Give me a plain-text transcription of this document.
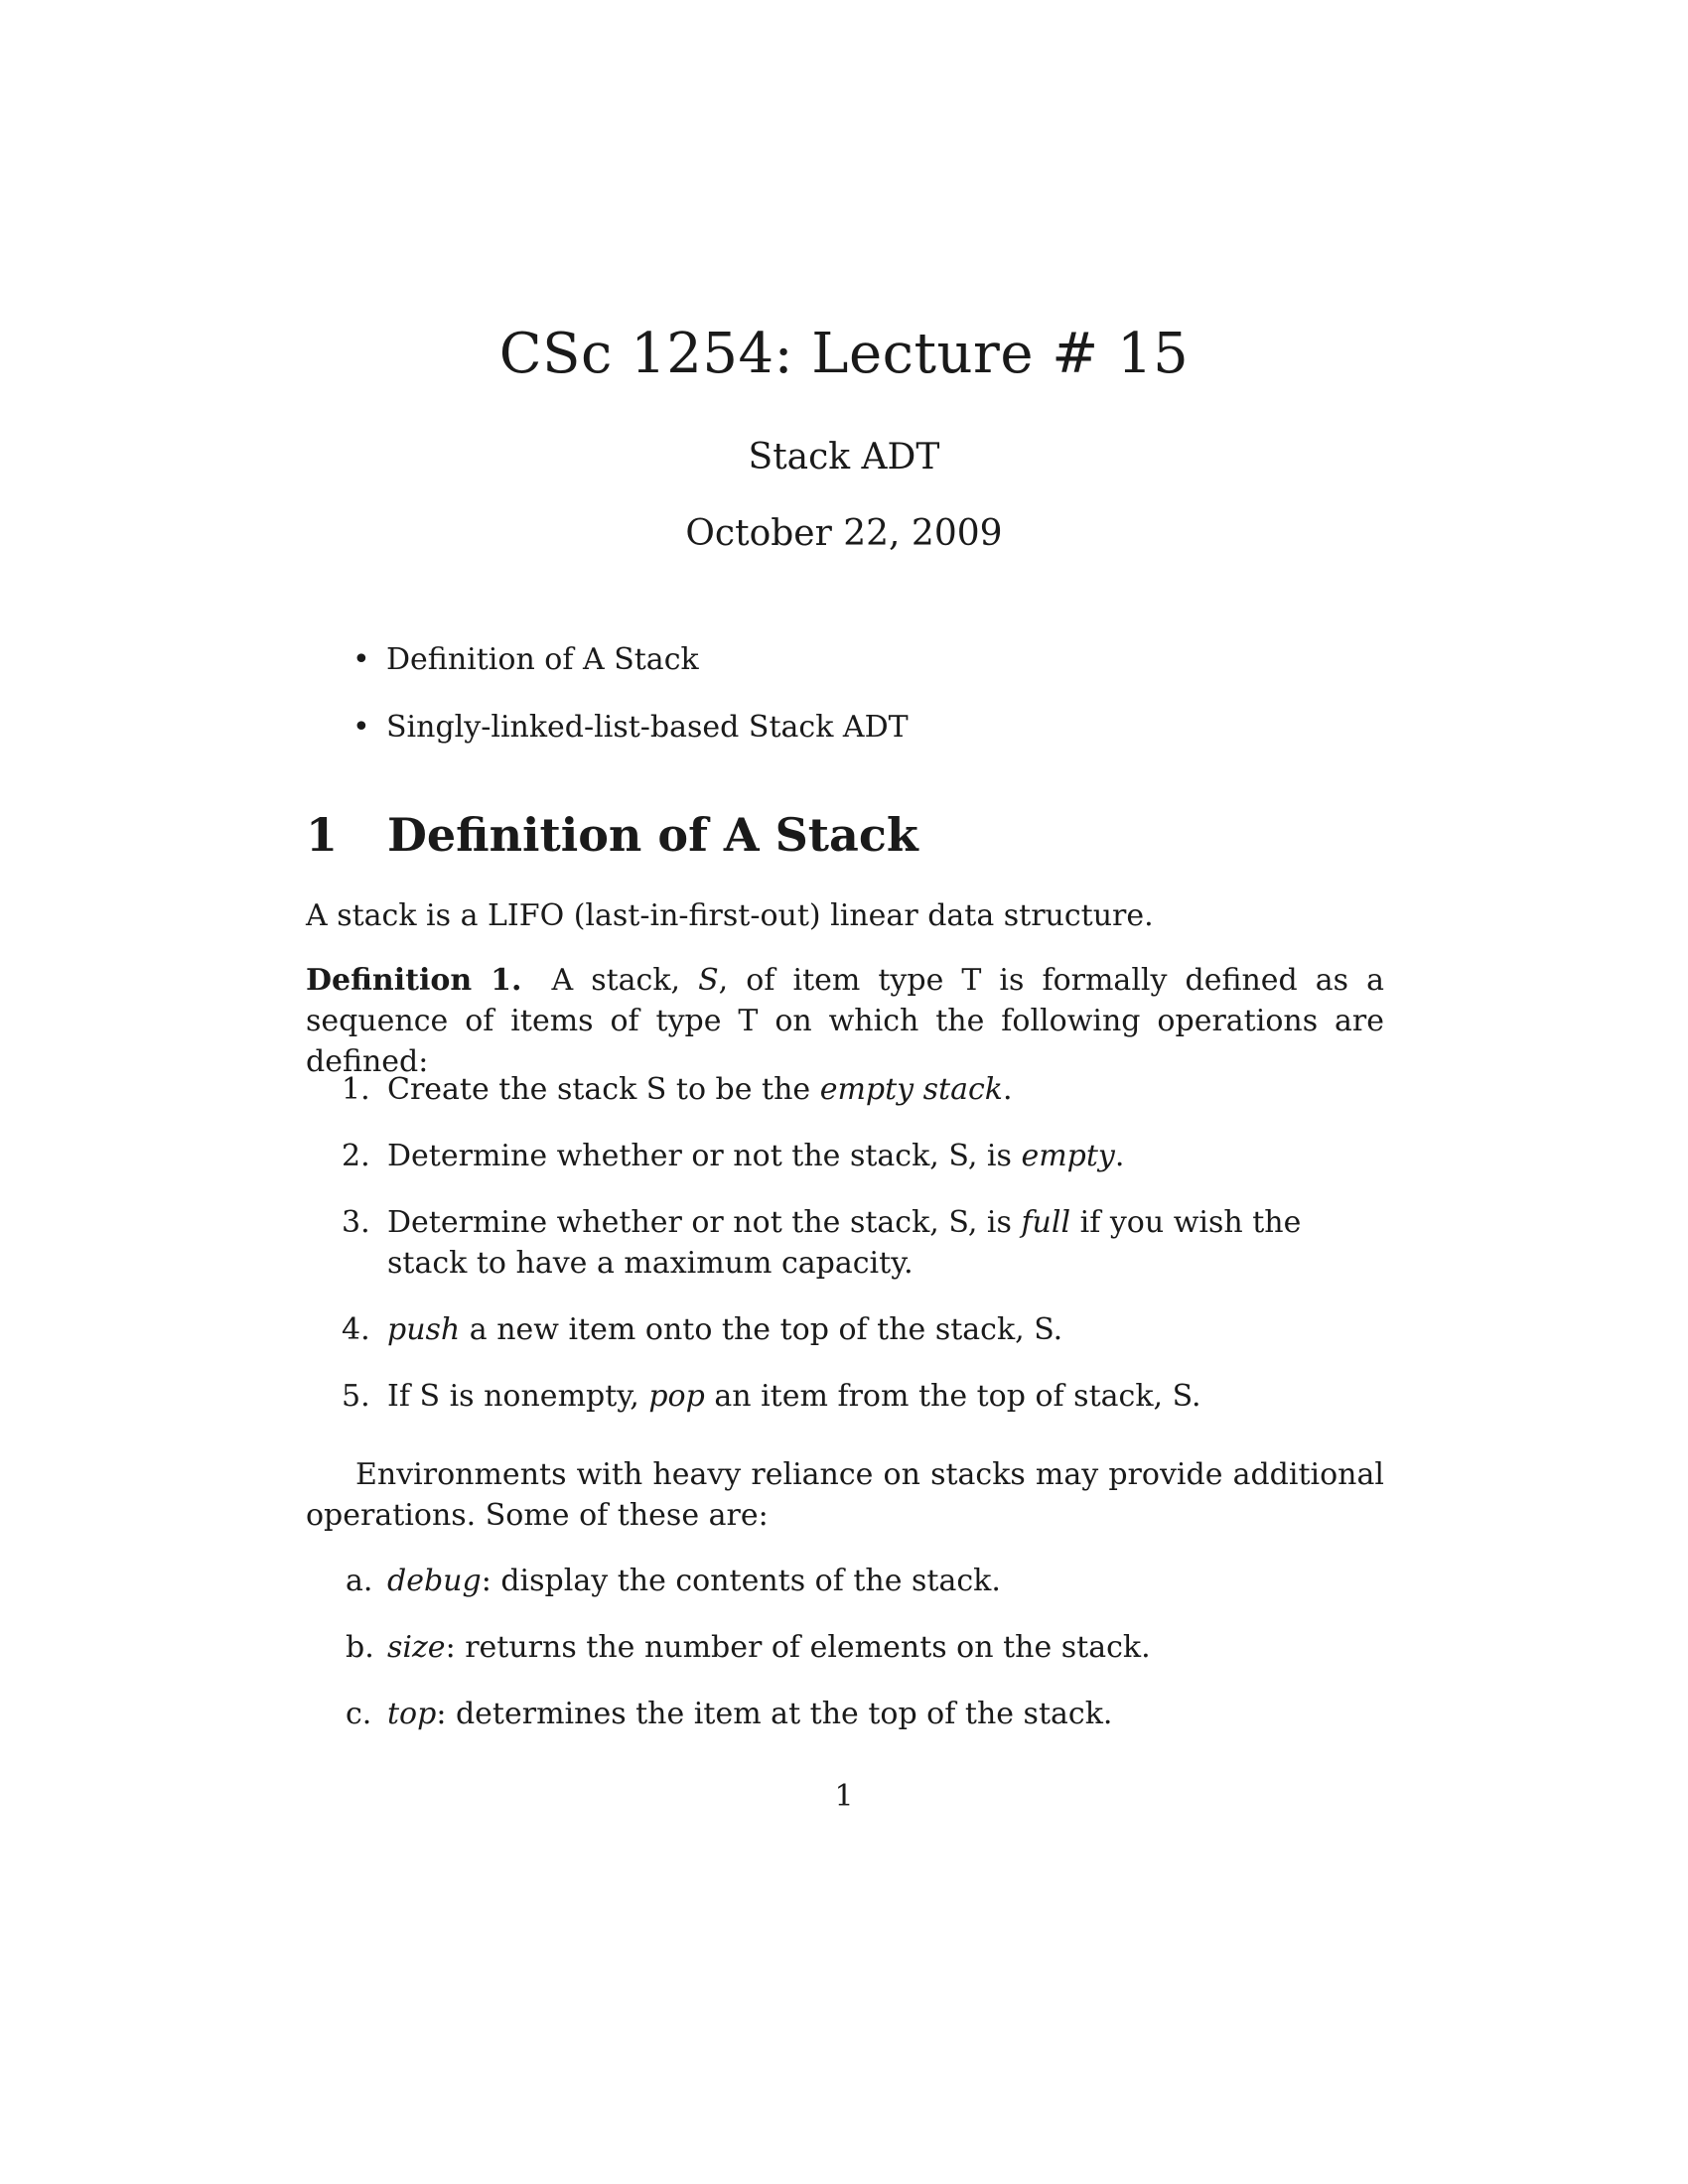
CSc 1254: Lecture # 15
Stack ADT
October 22, 2009
• Definition of A Stack
• Singly-linked-list-based Stack ADT
1 Definition of A Stack

A stack is a LIFO (last-in-first-out) linear data structure.

Definition 1. A stack, S, of item type T is formally defined as a sequence of items of type T on which the following operations are defined:

1. Create the stack S to be the empty stack.
2. Determine whether or not the stack, S, is empty.
3. Determine whether or not the stack, S, is full if you wish the stack to have a maximum capacity.
4. push a new item onto the top of the stack, S.
5. If S is nonempty, pop an item from the top of stack, S.

Environments with heavy reliance on stacks may provide additional operations. Some of these are:

a. debug: display the contents of the stack.
b. size: returns the number of elements on the stack.
c. top: determines the item at the top of the stack.
1
